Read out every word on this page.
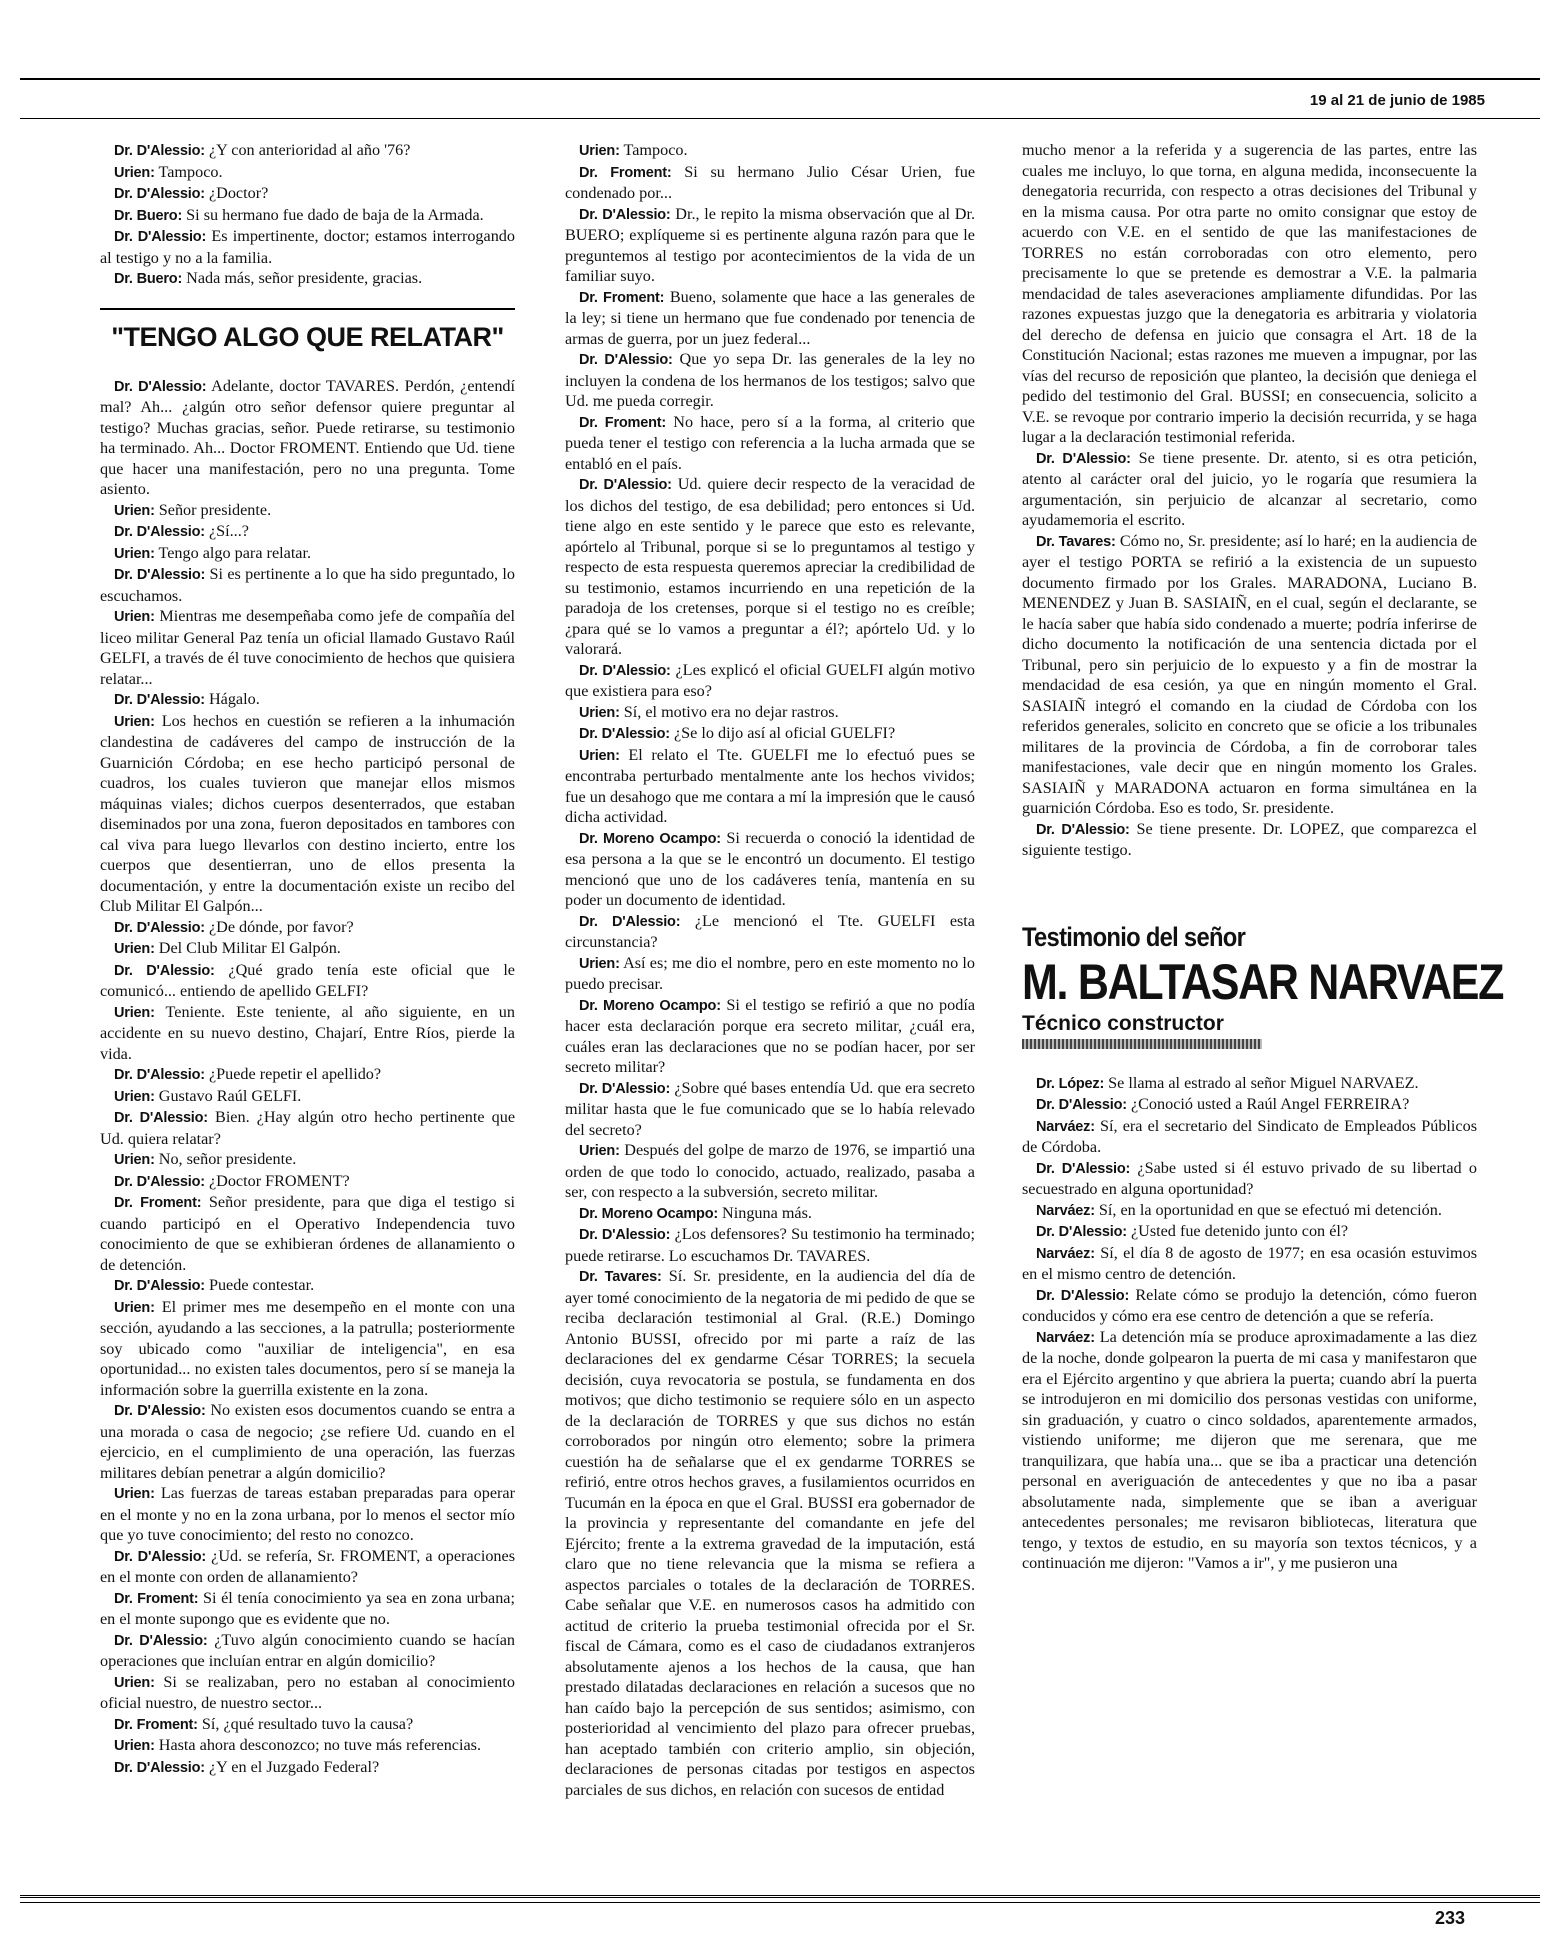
19 al 21 de junio de 1985

Dr. D'Alessio: ¿Y con anterioridad al año '76?

Urien: Tampoco.

Dr. D'Alessio: ¿Doctor?

Dr. Buero: Si su hermano fue dado de baja de la Armada.

Dr. D'Alessio: Es impertinente, doctor; estamos interrogando al testigo y no a la familia.

Dr. Buero: Nada más, señor presidente, gracias.

"TENGO ALGO QUE RELATAR"

Dr. D'Alessio: Adelante, doctor TAVARES. Perdón, ¿entendí mal? Ah... ¿algún otro señor defensor quiere preguntar al testigo? Muchas gracias, señor. Puede retirarse, su testimonio ha terminado. Ah... Doctor FROMENT. Entiendo que Ud. tiene que hacer una manifestación, pero no una pregunta. Tome asiento.

Urien: Señor presidente.

Dr. D'Alessio: ¿Sí...?

Urien: Tengo algo para relatar.

Dr. D'Alessio: Si es pertinente a lo que ha sido preguntado, lo escuchamos.

Urien: Mientras me desempeñaba como jefe de compañía del liceo militar General Paz tenía un oficial llamado Gustavo Raúl GELFI, a través de él tuve conocimiento de hechos que quisiera relatar...

Dr. D'Alessio: Hágalo.

Urien: Los hechos en cuestión se refieren a la inhumación clandestina de cadáveres del campo de instrucción de la Guarnición Córdoba; en ese hecho participó personal de cuadros, los cuales tuvieron que manejar ellos mismos máquinas viales; dichos cuerpos desenterrados, que estaban diseminados por una zona, fueron depositados en tambores con cal viva para luego llevarlos con destino incierto, entre los cuerpos que desentierran, uno de ellos presenta la documentación, y entre la documentación existe un recibo del Club Militar El Galpón...

Dr. D'Alessio: ¿De dónde, por favor?

Urien: Del Club Militar El Galpón.

Dr. D'Alessio: ¿Qué grado tenía este oficial que le comunicó... entiendo de apellido GELFI?

Urien: Teniente. Este teniente, al año siguiente, en un accidente en su nuevo destino, Chajarí, Entre Ríos, pierde la vida.

Dr. D'Alessio: ¿Puede repetir el apellido?

Urien: Gustavo Raúl GELFI.

Dr. D'Alessio: Bien. ¿Hay algún otro hecho pertinente que Ud. quiera relatar?

Urien: No, señor presidente.

Dr. D'Alessio: ¿Doctor FROMENT?

Dr. Froment: Señor presidente, para que diga el testigo si cuando participó en el Operativo Independencia tuvo conocimiento de que se exhibieran órdenes de allanamiento o de detención.

Dr. D'Alessio: Puede contestar.

Urien: El primer mes me desempeño en el monte con una sección, ayudando a las secciones, a la patrulla; posteriormente soy ubicado como "auxiliar de inteligencia", en esa oportunidad... no existen tales documentos, pero sí se maneja la información sobre la guerrilla existente en la zona.

Dr. D'Alessio: No existen esos documentos cuando se entra a una morada o casa de negocio; ¿se refiere Ud. cuando en el ejercicio, en el cumplimiento de una operación, las fuerzas militares debían penetrar a algún domicilio?

Urien: Las fuerzas de tareas estaban preparadas para operar en el monte y no en la zona urbana, por lo menos el sector mío que yo tuve conocimiento; del resto no conozco.

Dr. D'Alessio: ¿Ud. se refería, Sr. FROMENT, a operaciones en el monte con orden de allanamiento?

Dr. Froment: Si él tenía conocimiento ya sea en zona urbana; en el monte supongo que es evidente que no.

Dr. D'Alessio: ¿Tuvo algún conocimiento cuando se hacían operaciones que incluían entrar en algún domicilio?

Urien: Si se realizaban, pero no estaban al conocimiento oficial nuestro, de nuestro sector...

Dr. Froment: Sí, ¿qué resultado tuvo la causa?

Urien: Hasta ahora desconozco; no tuve más referencias.

Dr. D'Alessio: ¿Y en el Juzgado Federal?

Urien: Tampoco.

Dr. Froment: Si su hermano Julio César Urien, fue condenado por...

Dr. D'Alessio: Dr., le repito la misma observación que al Dr. BUERO; explíqueme si es pertinente alguna razón para que le preguntemos al testigo por acontecimientos de la vida de un familiar suyo.

Dr. Froment: Bueno, solamente que hace a las generales de la ley; si tiene un hermano que fue condenado por tenencia de armas de guerra, por un juez federal...

Dr. D'Alessio: Que yo sepa Dr. las generales de la ley no incluyen la condena de los hermanos de los testigos; salvo que Ud. me pueda corregir.

Dr. Froment: No hace, pero sí a la forma, al criterio que pueda tener el testigo con referencia a la lucha armada que se entabló en el país.

Dr. D'Alessio: Ud. quiere decir respecto de la veracidad de los dichos del testigo, de esa debilidad; pero entonces si Ud. tiene algo en este sentido y le parece que esto es relevante, apórtelo al Tribunal, porque si se lo preguntamos al testigo y respecto de esta respuesta queremos apreciar la credibilidad de su testimonio, estamos incurriendo en una repetición de la paradoja de los cretenses, porque si el testigo no es creíble; ¿para qué se lo vamos a preguntar a él?; apórtelo Ud. y lo valorará.

Dr. D'Alessio: ¿Les explicó el oficial GUELFI algún motivo que existiera para eso?

Urien: Sí, el motivo era no dejar rastros.

Dr. D'Alessio: ¿Se lo dijo así al oficial GUELFI?

Urien: El relato el Tte. GUELFI me lo efectuó pues se encontraba perturbado mentalmente ante los hechos vividos; fue un desahogo que me contara a mí la impresión que le causó dicha actividad.

Dr. Moreno Ocampo: Si recuerda o conoció la identidad de esa persona a la que se le encontró un documento. El testigo mencionó que uno de los cadáveres tenía, mantenía en su poder un documento de identidad.

Dr. D'Alessio: ¿Le mencionó el Tte. GUELFI esta circunstancia?

Urien: Así es; me dio el nombre, pero en este momento no lo puedo precisar.

Dr. Moreno Ocampo: Si el testigo se refirió a que no podía hacer esta declaración porque era secreto militar, ¿cuál era, cuáles eran las declaraciones que no se podían hacer, por ser secreto militar?

Dr. D'Alessio: ¿Sobre qué bases entendía Ud. que era secreto militar hasta que le fue comunicado que se lo había relevado del secreto?

Urien: Después del golpe de marzo de 1976, se impartió una orden de que todo lo conocido, actuado, realizado, pasaba a ser, con respecto a la subversión, secreto militar.

Dr. Moreno Ocampo: Ninguna más.

Dr. D'Alessio: ¿Los defensores? Su testimonio ha terminado; puede retirarse. Lo escuchamos Dr. TAVARES.

Dr. Tavares: Sí. Sr. presidente, en la audiencia del día de ayer tomé conocimiento de la negatoria de mi pedido de que se reciba declaración testimonial al Gral. (R.E.) Domingo Antonio BUSSI, ofrecido por mi parte a raíz de las declaraciones del ex gendarme César TORRES; la secuela decisión, cuya revocatoria se postula, se fundamenta en dos motivos; que dicho testimonio se requiere sólo en un aspecto de la declaración de TORRES y que sus dichos no están corroborados por ningún otro elemento; sobre la primera cuestión ha de señalarse que el ex gendarme TORRES se refirió, entre otros hechos graves, a fusilamientos ocurridos en Tucumán en la época en que el Gral. BUSSI era gobernador de la provincia y representante del comandante en jefe del Ejército; frente a la extrema gravedad de la imputación, está claro que no tiene relevancia que la misma se refiera a aspectos parciales o totales de la declaración de TORRES. Cabe señalar que V.E. en numerosos casos ha admitido con actitud de criterio la prueba testimonial ofrecida por el Sr. fiscal de Cámara, como es el caso de ciudadanos extranjeros absolutamente ajenos a los hechos de la causa, que han prestado dilatadas declaraciones en relación a sucesos que no han caído bajo la percepción de sus sentidos; asimismo, con posterioridad al vencimiento del plazo para ofrecer pruebas, han aceptado también con criterio amplio, sin objeción, declaraciones de personas citadas por testigos en aspectos parciales de sus dichos, en relación con sucesos de entidad

mucho menor a la referida y a sugerencia de las partes, entre las cuales me incluyo, lo que torna, en alguna medida, inconsecuente la denegatoria recurrida, con respecto a otras decisiones del Tribunal y en la misma causa. Por otra parte no omito consignar que estoy de acuerdo con V.E. en el sentido de que las manifestaciones de TORRES no están corroboradas con otro elemento, pero precisamente lo que se pretende es demostrar a V.E. la palmaria mendacidad de tales aseveraciones ampliamente difundidas. Por las razones expuestas juzgo que la denegatoria es arbitraria y violatoria del derecho de defensa en juicio que consagra el Art. 18 de la Constitución Nacional; estas razones me mueven a impugnar, por las vías del recurso de reposición que planteo, la decisión que deniega el pedido del testimonio del Gral. BUSSI; en consecuencia, solicito a V.E. se revoque por contrario imperio la decisión recurrida, y se haga lugar a la declaración testimonial referida.

Dr. D'Alessio: Se tiene presente. Dr. atento, si es otra petición, atento al carácter oral del juicio, yo le rogaría que resumiera la argumentación, sin perjuicio de alcanzar al secretario, como ayudamemoria el escrito.

Dr. Tavares: Cómo no, Sr. presidente; así lo haré; en la audiencia de ayer el testigo PORTA se refirió a la existencia de un supuesto documento firmado por los Grales. MARADONA, Luciano B. MENENDEZ y Juan B. SASIAIÑ, en el cual, según el declarante, se le hacía saber que había sido condenado a muerte; podría inferirse de dicho documento la notificación de una sentencia dictada por el Tribunal, pero sin perjuicio de lo expuesto y a fin de mostrar la mendacidad de esa cesión, ya que en ningún momento el Gral. SASIAIÑ integró el comando en la ciudad de Córdoba con los referidos generales, solicito en concreto que se oficie a los tribunales militares de la provincia de Córdoba, a fin de corroborar tales manifestaciones, vale decir que en ningún momento los Grales. SASIAIÑ y MARADONA actuaron en forma simultánea en la guarnición Córdoba. Eso es todo, Sr. presidente.

Dr. D'Alessio: Se tiene presente. Dr. LOPEZ, que comparezca el siguiente testigo.

Testimonio del señor
M. BALTASAR NARVAEZ
Técnico constructor

Dr. López: Se llama al estrado al señor Miguel NARVAEZ.

Dr. D'Alessio: ¿Conoció usted a Raúl Angel FERREIRA?

Narváez: Sí, era el secretario del Sindicato de Empleados Públicos de Córdoba.

Dr. D'Alessio: ¿Sabe usted si él estuvo privado de su libertad o secuestrado en alguna oportunidad?

Narváez: Sí, en la oportunidad en que se efectuó mi detención.

Dr. D'Alessio: ¿Usted fue detenido junto con él?

Narváez: Sí, el día 8 de agosto de 1977; en esa ocasión estuvimos en el mismo centro de detención.

Dr. D'Alessio: Relate cómo se produjo la detención, cómo fueron conducidos y cómo era ese centro de detención a que se refería.

Narváez: La detención mía se produce aproximadamente a las diez de la noche, donde golpearon la puerta de mi casa y manifestaron que era el Ejército argentino y que abriera la puerta; cuando abrí la puerta se introdujeron en mi domicilio dos personas vestidas con uniforme, sin graduación, y cuatro o cinco soldados, aparentemente armados, vistiendo uniforme; me dijeron que me serenara, que me tranquilizara, que había una... que se iba a practicar una detención personal en averiguación de antecedentes y que no iba a pasar absolutamente nada, simplemente que se iban a averiguar antecedentes personales; me revisaron bibliotecas, literatura que tengo, y textos de estudio, en su mayoría son textos técnicos, y a continuación me dijeron: "Vamos a ir", y me pusieron una

233
